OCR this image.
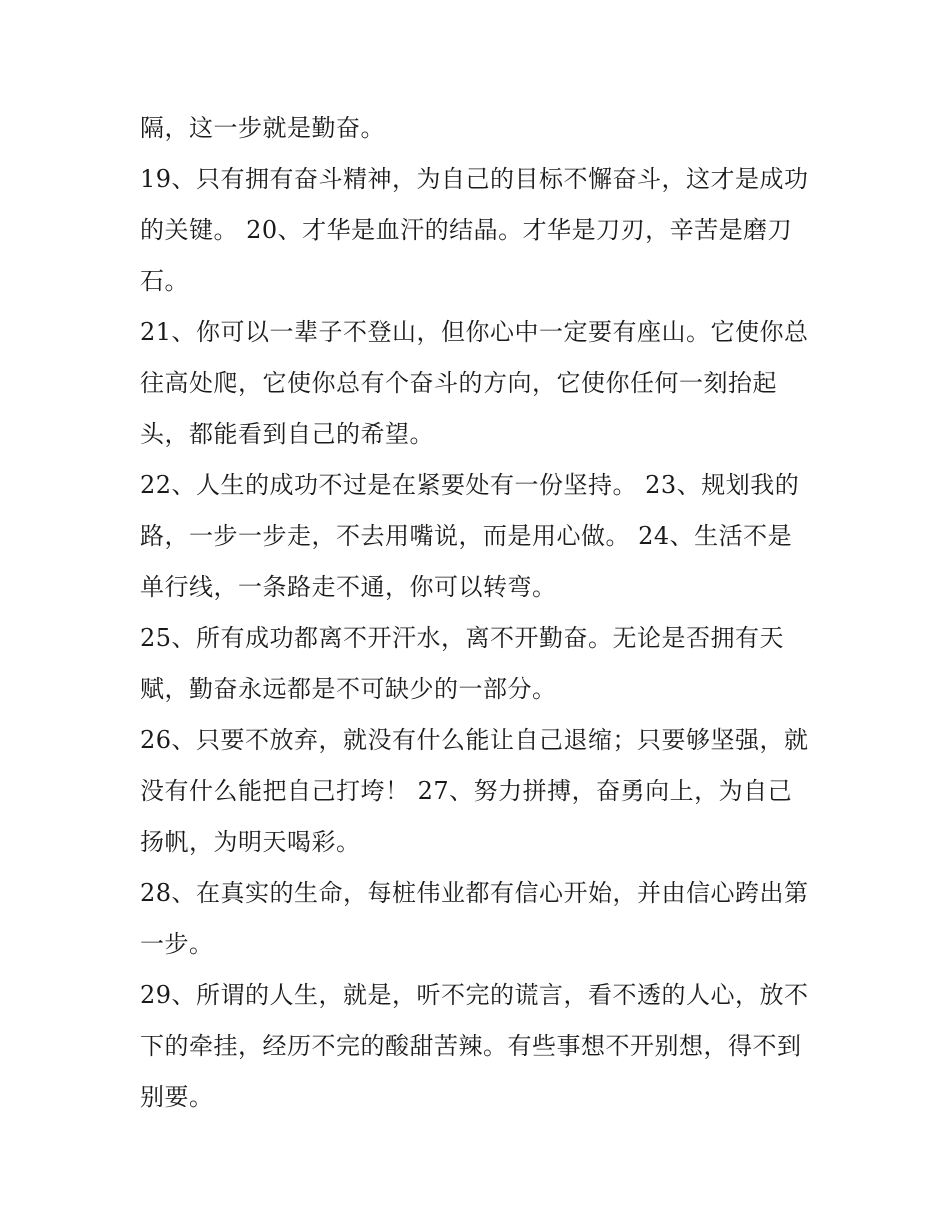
隔，这一步就是勤奋。
19、只有拥有奋斗精神，为自己的目标不懈奋斗，这才是成功
的关键。 20、才华是血汗的结晶。才华是刀刃，辛苦是磨刀
石。
21、你可以一辈子不登山，但你心中一定要有座山。它使你总
往高处爬，它使你总有个奋斗的方向，它使你任何一刻抬起
头，都能看到自己的希望。
22、人生的成功不过是在紧要处有一份坚持。 23、规划我的
路，一步一步走，不去用嘴说，而是用心做。 24、生活不是
单行线，一条路走不通，你可以转弯。
25、所有成功都离不开汗水，离不开勤奋。无论是否拥有天
赋，勤奋永远都是不可缺少的一部分。
26、只要不放弃，就没有什么能让自己退缩；只要够坚强，就
没有什么能把自己打垮！ 27、努力拼搏，奋勇向上，为自己
扬帆，为明天喝彩。
28、在真实的生命，每桩伟业都有信心开始，并由信心跨出第
一步。
29、所谓的人生，就是，听不完的谎言，看不透的人心，放不
下的牵挂，经历不完的酸甜苦辣。有些事想不开别想，得不到
别要。
